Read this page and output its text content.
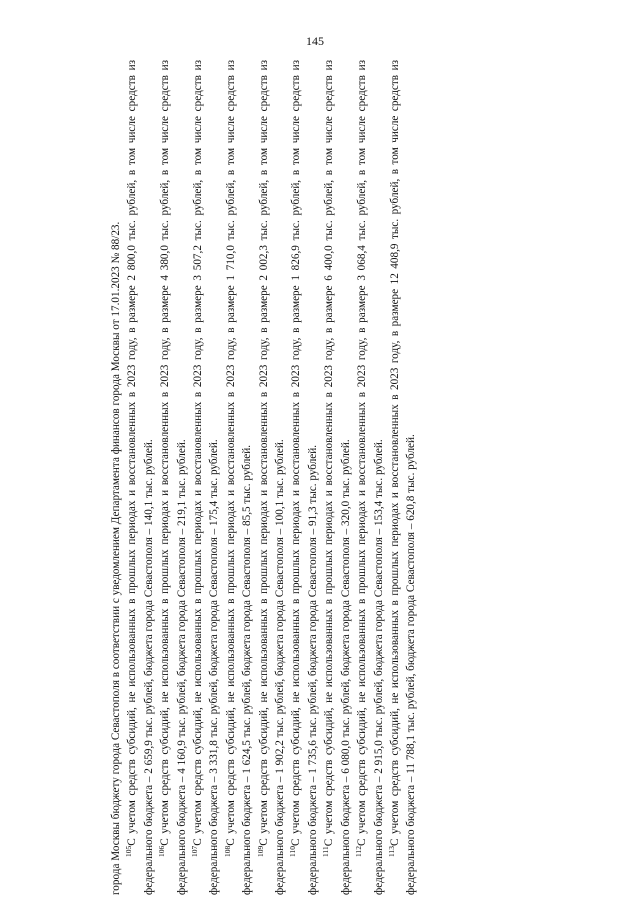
145

города Москвы бюджету города Севастополя в соответствии с уведомлением Департамента финансов города Москвы от 17.01.2023 № 88/23. $^{105}$С учетом средств субсидий, не использованных в прошлых периодах и восстановленных в 2023 году, в размере 2 800,0 тыс. рублей, в том числе средств из федерального бюджета – 2 659,9 тыс. рублей, бюджета города Севастополя – 140,1 тыс. рублей. $^{106}$С учетом средств субсидий, не использованных в прошлых периодах и восстановленных в 2023 году, в размере 4 380,0 тыс. рублей, в том числе средств из федерального бюджета – 4 160,9 тыс. рублей, бюджета города Севастополя – 219,1 тыс. рублей. $^{107}$С учетом средств субсидий, не использованных в прошлых периодах и восстановленных в 2023 году, в размере 3 507,2 тыс. рублей, в том числе средств из федерального бюджета – 3 331,8 тыс. рублей, бюджета города Севастополя – 175,4 тыс. рублей. $^{108}$С учетом средств субсидий, не использованных в прошлых периодах и восстановленных в 2023 году, в размере 1 710,0 тыс. рублей, в том числе средств из федерального бюджета – 1 624,5 тыс. рублей, бюджета города Севастополя – 85,5 тыс. рублей. $^{109}$С учетом средств субсидий, не использованных в прошлых периодах и восстановленных в 2023 году, в размере 2 002,3 тыс. рублей, в том числе средств из федерального бюджета – 1 902,2 тыс. рублей, бюджета города Севастополя – 100,1 тыс. рублей. $^{110}$С учетом средств субсидий, не использованных в прошлых периодах и восстановленных в 2023 году, в размере 1 826,9 тыс. рублей, в том числе средств из федерального бюджета – 1 735,6 тыс. рублей, бюджета города Севастополя – 91,3 тыс. рублей. $^{111}$С учетом средств субсидий, не использованных в прошлых периодах и восстановленных в 2023 году, в размере 6 400,0 тыс. рублей, в том числе средств из федерального бюджета – 6 080,0 тыс. рублей, бюджета города Севастополя – 320,0 тыс. рублей. $^{112}$С учетом средств субсидий, не использованных в прошлых периодах и восстановленных в 2023 году, в размере 3 068,4 тыс. рублей, в том числе средств из федерального бюджета – 2 915,0 тыс. рублей, бюджета города Севастополя – 153,4 тыс. рублей. $^{113}$С учетом средств субсидий, не использованных в прошлых периодах и восстановленных в 2023 году, в размере 12 408,9 тыс. рублей, в том числе средств из федерального бюджета – 11 788,1 тыс. рублей, бюджета города Севастополя – 620,8 тыс. рублей.
